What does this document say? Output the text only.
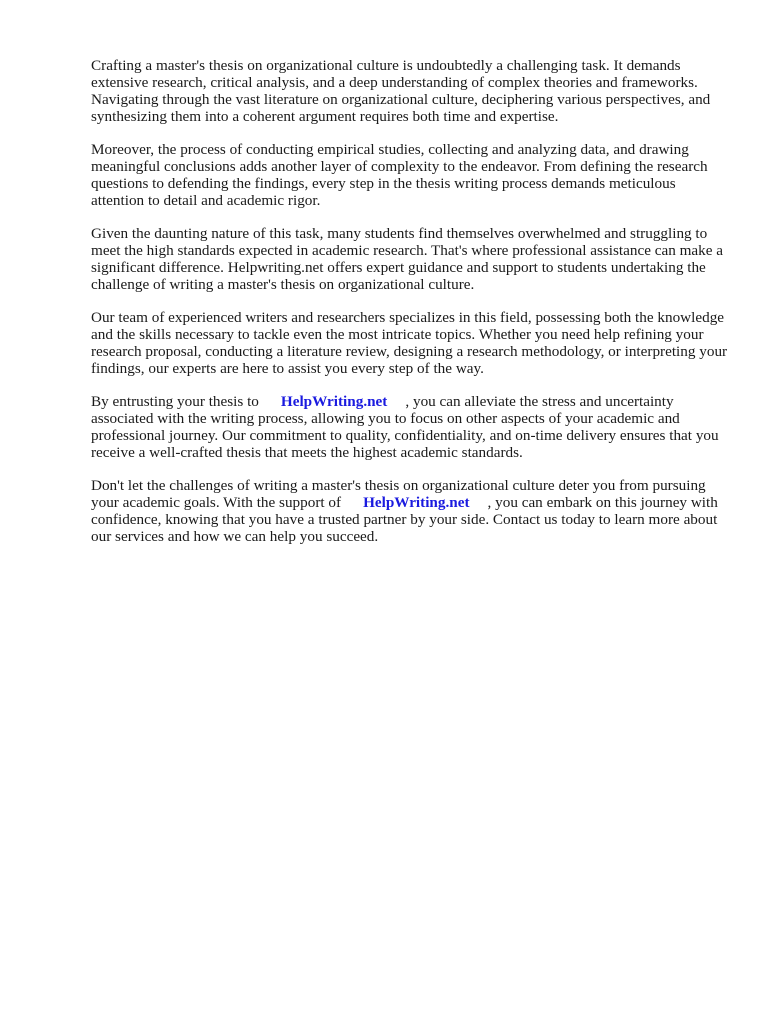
Crafting a master's thesis on organizational culture is undoubtedly a challenging task. It demands extensive research, critical analysis, and a deep understanding of complex theories and frameworks. Navigating through the vast literature on organizational culture, deciphering various perspectives, and synthesizing them into a coherent argument requires both time and expertise.

Moreover, the process of conducting empirical studies, collecting and analyzing data, and drawing meaningful conclusions adds another layer of complexity to the endeavor. From defining the research questions to defending the findings, every step in the thesis writing process demands meticulous attention to detail and academic rigor.

Given the daunting nature of this task, many students find themselves overwhelmed and struggling to meet the high standards expected in academic research. That's where professional assistance can make a significant difference. Helpwriting.net offers expert guidance and support to students undertaking the challenge of writing a master's thesis on organizational culture.

Our team of experienced writers and researchers specializes in this field, possessing both the knowledge and the skills necessary to tackle even the most intricate topics. Whether you need help refining your research proposal, conducting a literature review, designing a research methodology, or interpreting your findings, our experts are here to assist you every step of the way.

By entrusting your thesis to HelpWriting.net , you can alleviate the stress and uncertainty associated with the writing process, allowing you to focus on other aspects of your academic and professional journey. Our commitment to quality, confidentiality, and on-time delivery ensures that you receive a well-crafted thesis that meets the highest academic standards.

Don't let the challenges of writing a master's thesis on organizational culture deter you from pursuing your academic goals. With the support of HelpWriting.net , you can embark on this journey with confidence, knowing that you have a trusted partner by your side. Contact us today to learn more about our services and how we can help you succeed.
